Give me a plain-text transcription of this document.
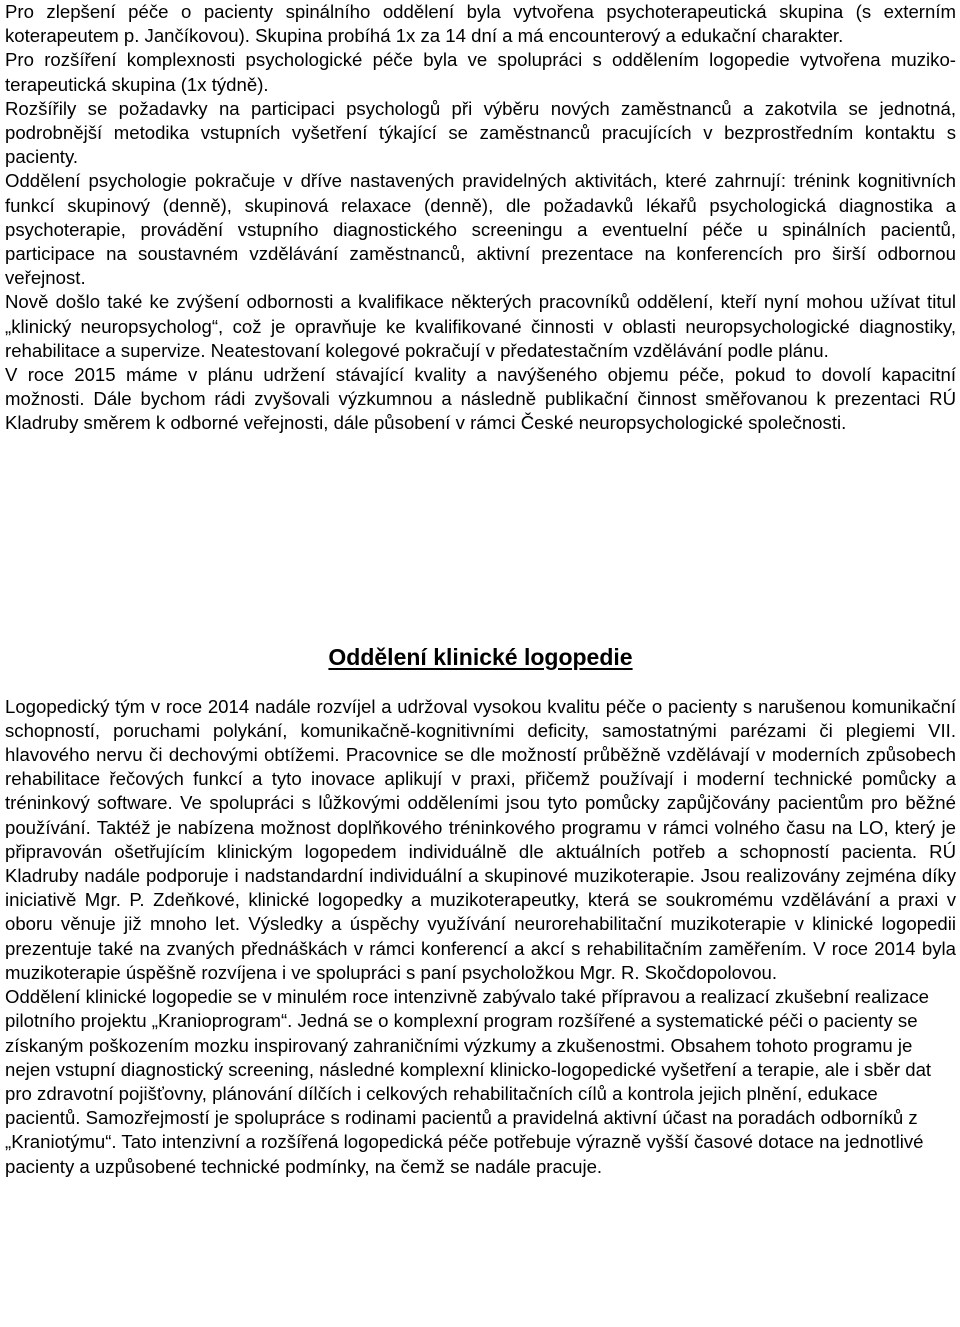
Pro zlepšení péče o pacienty spinálního oddělení byla vytvořena psychoterapeutická skupina (s externím koterapeutem p. Jančíkovou). Skupina probíhá 1x za 14 dní a má encounterový a edukační charakter.

Pro rozšíření komplexnosti psychologické péče byla ve spolupráci s oddělením logopedie vytvořena muziko-terapeutická skupina (1x týdně).

Rozšířily se požadavky na participaci psychologů při výběru nových zaměstnanců a zakotvila se jednotná, podrobnější metodika vstupních vyšetření týkající se zaměstnanců pracujících v bezprostředním kontaktu s pacienty.

Oddělení psychologie pokračuje v dříve nastavených pravidelných aktivitách, které zahrnují: trénink kognitivních funkcí skupinový (denně), skupinová relaxace (denně), dle požadavků lékařů psychologická diagnostika a psychoterapie, provádění vstupního diagnostického screeningu a eventuelní péče u spinálních pacientů, participace na soustavném vzdělávání zaměstnanců, aktivní prezentace na konferencích pro širší odbornou veřejnost.

Nově došlo také ke zvýšení odbornosti a kvalifikace některých pracovníků oddělení, kteří nyní mohou užívat titul „klinický neuropsycholog“, což je opravňuje ke kvalifikované činnosti v oblasti neuropsychologické diagnostiky, rehabilitace a supervize. Neatestovaní kolegové pokračují v předatestačním vzdělávání podle plánu.

V roce 2015 máme v plánu udržení stávající kvality a navýšeného objemu péče, pokud to dovolí kapacitní možnosti. Dále bychom rádi zvyšovali výzkumnou a následně publikační činnost směřovanou k prezentaci RÚ Kladruby směrem k odborné veřejnosti, dále působení v rámci České neuropsychologické společnosti.

Oddělení klinické logopedie

Logopedický tým v roce 2014 nadále rozvíjel a udržoval vysokou kvalitu péče o pacienty s narušenou komunikační schopností, poruchami polykání, komunikačně-kognitivními deficity, samostatnými parézami či plegiemi VII. hlavového nervu či dechovými obtížemi. Pracovnice se dle možností průběžně vzdělávají v moderních způsobech rehabilitace řečových funkcí a tyto inovace aplikují v praxi, přičemž používají i moderní technické pomůcky a tréninkový software. Ve spolupráci s lůžkovými odděleními jsou tyto pomůcky zapůjčovány pacientům pro běžné používání. Taktéž je nabízena možnost doplňkového tréninkového programu v rámci volného času na LO, který je připravován ošetřujícím klinickým logopedem individuálně dle aktuálních potřeb a schopností pacienta. RÚ Kladruby nadále podporuje i nadstandardní individuální a skupinové muzikoterapie. Jsou realizovány zejména díky iniciativě Mgr. P. Zdeňkové, klinické logopedky a muzikoterapeutky, která se soukromému vzdělávání a praxi v oboru věnuje již mnoho let. Výsledky a úspěchy využívání neurorehabilitační muzikoterapie v klinické logopedii prezentuje také na zvaných přednáškách v rámci konferencí a akcí s rehabilitačním zaměřením. V roce 2014 byla muzikoterapie úspěšně rozvíjena i ve spolupráci s paní psycholožkou Mgr. R. Skočdopolovou.

Oddělení klinické logopedie se v minulém roce intenzivně zabývalo také přípravou a realizací zkušební realizace pilotního projektu „Kranioprogram“. Jedná se o komplexní program rozšířené a systematické péči o pacienty se získaným poškozením mozku inspirovaný zahraničními výzkumy a zkušenostmi. Obsahem tohoto programu je nejen vstupní diagnostický screening, následné komplexní klinicko-logopedické vyšetření a terapie, ale i sběr dat pro zdravotní pojišťovny, plánování dílčích i celkových rehabilitačních cílů a kontrola jejich plnění, edukace pacientů. Samozřejmostí je spolupráce s rodinami pacientů a pravidelná aktivní účast na poradách odborníků z „Kraniotýmu“. Tato intenzivní a rozšířená logopedická péče potřebuje výrazně vyšší časové dotace na jednotlivé pacienty a uzpůsobené technické podmínky, na čemž se nadále pracuje.
